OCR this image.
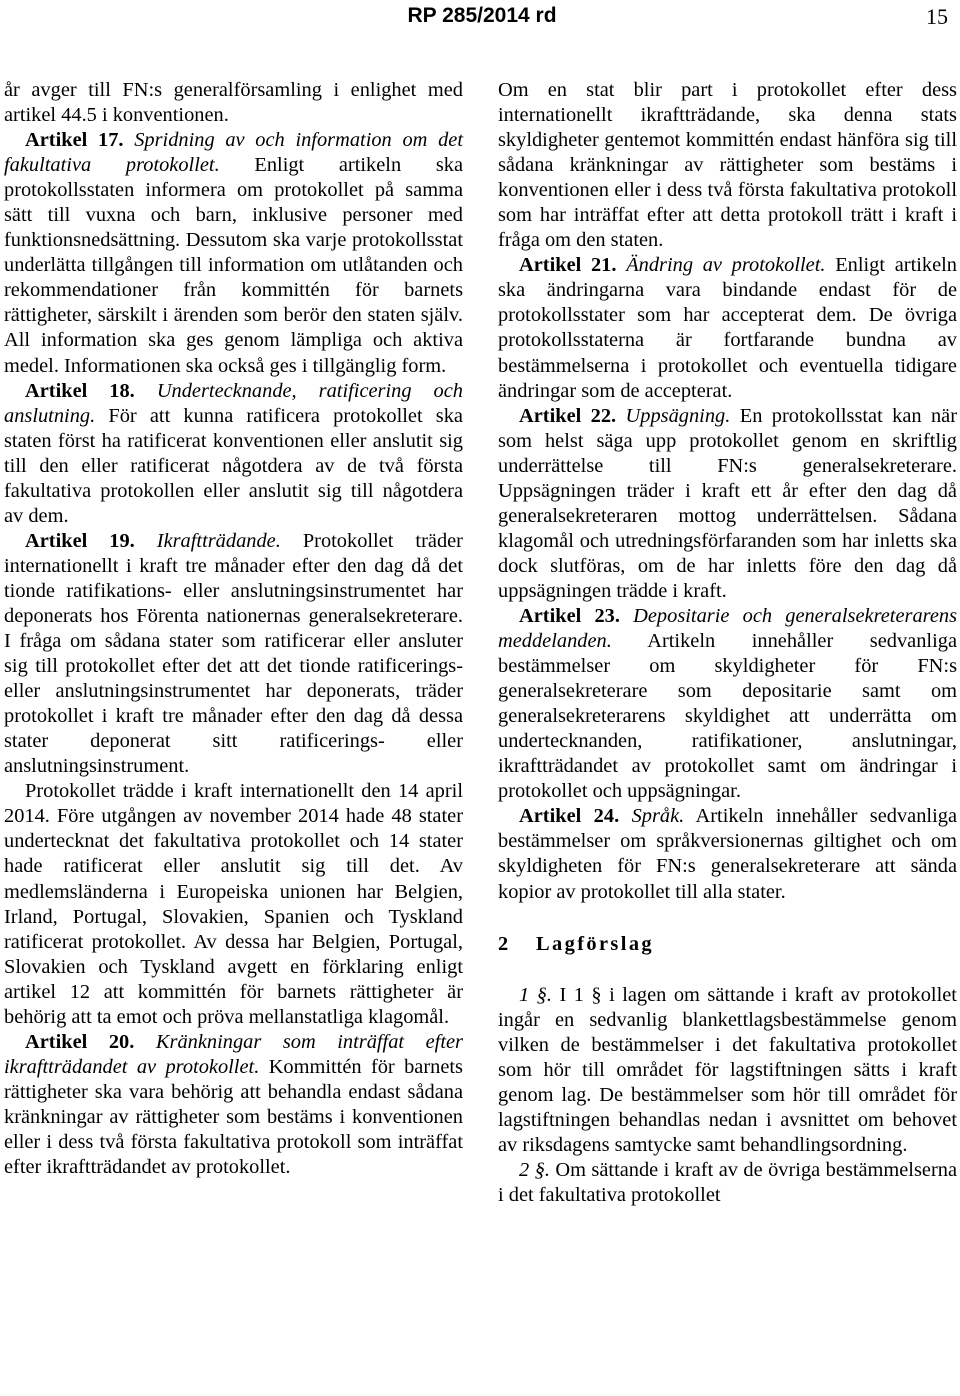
RP 285/2014 rd	15

år avger till FN:s generalförsamling i enlighet med artikel 44.5 i konventionen.

Artikel 17. Spridning av och information om det fakultativa protokollet. Enligt artikeln ska protokollsstaten informera om protokollet på samma sätt till vuxna och barn, inklusive personer med funktionsnedsättning. Dessutom ska varje protokollsstat underlätta tillgången till information om utlåtanden och rekommendationer från kommittén för barnets rättigheter, särskilt i ärenden som berör den staten själv. All information ska ges genom lämpliga och aktiva medel. Informationen ska också ges i tillgänglig form.

Artikel 18. Undertecknande, ratificering och anslutning. För att kunna ratificera protokollet ska staten först ha ratificerat konventionen eller anslutit sig till den eller ratificerat någotdera av de två första fakultativa protokollen eller anslutit sig till någotdera av dem.

Artikel 19. Ikraftträdande. Protokollet träder internationellt i kraft tre månader efter den dag då det tionde ratifikations- eller anslutningsinstrumentet har deponerats hos Förenta nationernas generalsekreterare. I fråga om sådana stater som ratificerar eller ansluter sig till protokollet efter det att det tionde ratificerings- eller anslutningsinstrumentet har deponerats, träder protokollet i kraft tre månader efter den dag då dessa stater deponerat sitt ratificerings- eller anslutningsinstrument.

Protokollet trädde i kraft internationellt den 14 april 2014. Före utgången av november 2014 hade 48 stater undertecknat det fakultativa protokollet och 14 stater hade ratificerat eller anslutit sig till det. Av medlemsländerna i Europeiska unionen har Belgien, Irland, Portugal, Slovakien, Spanien och Tyskland ratificerat protokollet. Av dessa har Belgien, Portugal, Slovakien och Tyskland avgett en förklaring enligt artikel 12 att kommittén för barnets rättigheter är behörig att ta emot och pröva mellanstatliga klagomål.

Artikel 20. Kränkningar som inträffat efter ikraftträdandet av protokollet. Kommittén för barnets rättigheter ska vara behörig att behandla endast sådana kränkningar av rättigheter som bestäms i konventionen eller i dess två första fakultativa protokoll som inträffat efter ikraftträdandet av protokollet.

Om en stat blir part i protokollet efter dess internationellt ikraftträdande, ska denna stats skyldigheter gentemot kommittén endast hänföra sig till sådana kränkningar av rättigheter som bestäms i konventionen eller i dess två första fakultativa protokoll som har inträffat efter att detta protokoll trätt i kraft i fråga om den staten.

Artikel 21. Ändring av protokollet. Enligt artikeln ska ändringarna vara bindande endast för de protokollsstater som har accepterat dem. De övriga protokollsstaterna är fortfarande bundna av bestämmelserna i protokollet och eventuella tidigare ändringar som de accepterat.

Artikel 22. Uppsägning. En protokollsstat kan när som helst säga upp protokollet genom en skriftlig underrättelse till FN:s generalsekreterare. Uppsägningen träder i kraft ett år efter den dag då generalsekreteraren mottog underrättelsen. Sådana klagomål och utredningsförfaranden som har inletts ska dock slutföras, om de har inletts före den dag då uppsägningen trädde i kraft.

Artikel 23. Depositarie och generalsekreterarens meddelanden. Artikeln innehåller sedvanliga bestämmelser om skyldigheter för FN:s generalsekreterare som depositarie samt om generalsekreterarens skyldighet att underrätta om undertecknanden, ratifikationer, anslutningar, ikraftträdandet av protokollet samt om ändringar i protokollet och uppsägningar.

Artikel 24. Språk. Artikeln innehåller sedvanliga bestämmelser om språkversionernas giltighet och om skyldigheten för FN:s generalsekreterare att sända kopior av protokollet till alla stater.

2 Lagförslag

1 §. I 1 § i lagen om sättande i kraft av protokollet ingår en sedvanlig blankettlagsbestämmelse genom vilken de bestämmelser i det fakultativa protokollet som hör till området för lagstiftningen sätts i kraft genom lag. De bestämmelser som hör till området för lagstiftningen behandlas nedan i avsnittet om behovet av riksdagens samtycke samt behandlingsordning.

2 §. Om sättande i kraft av de övriga bestämmelserna i det fakultativa protokollet
